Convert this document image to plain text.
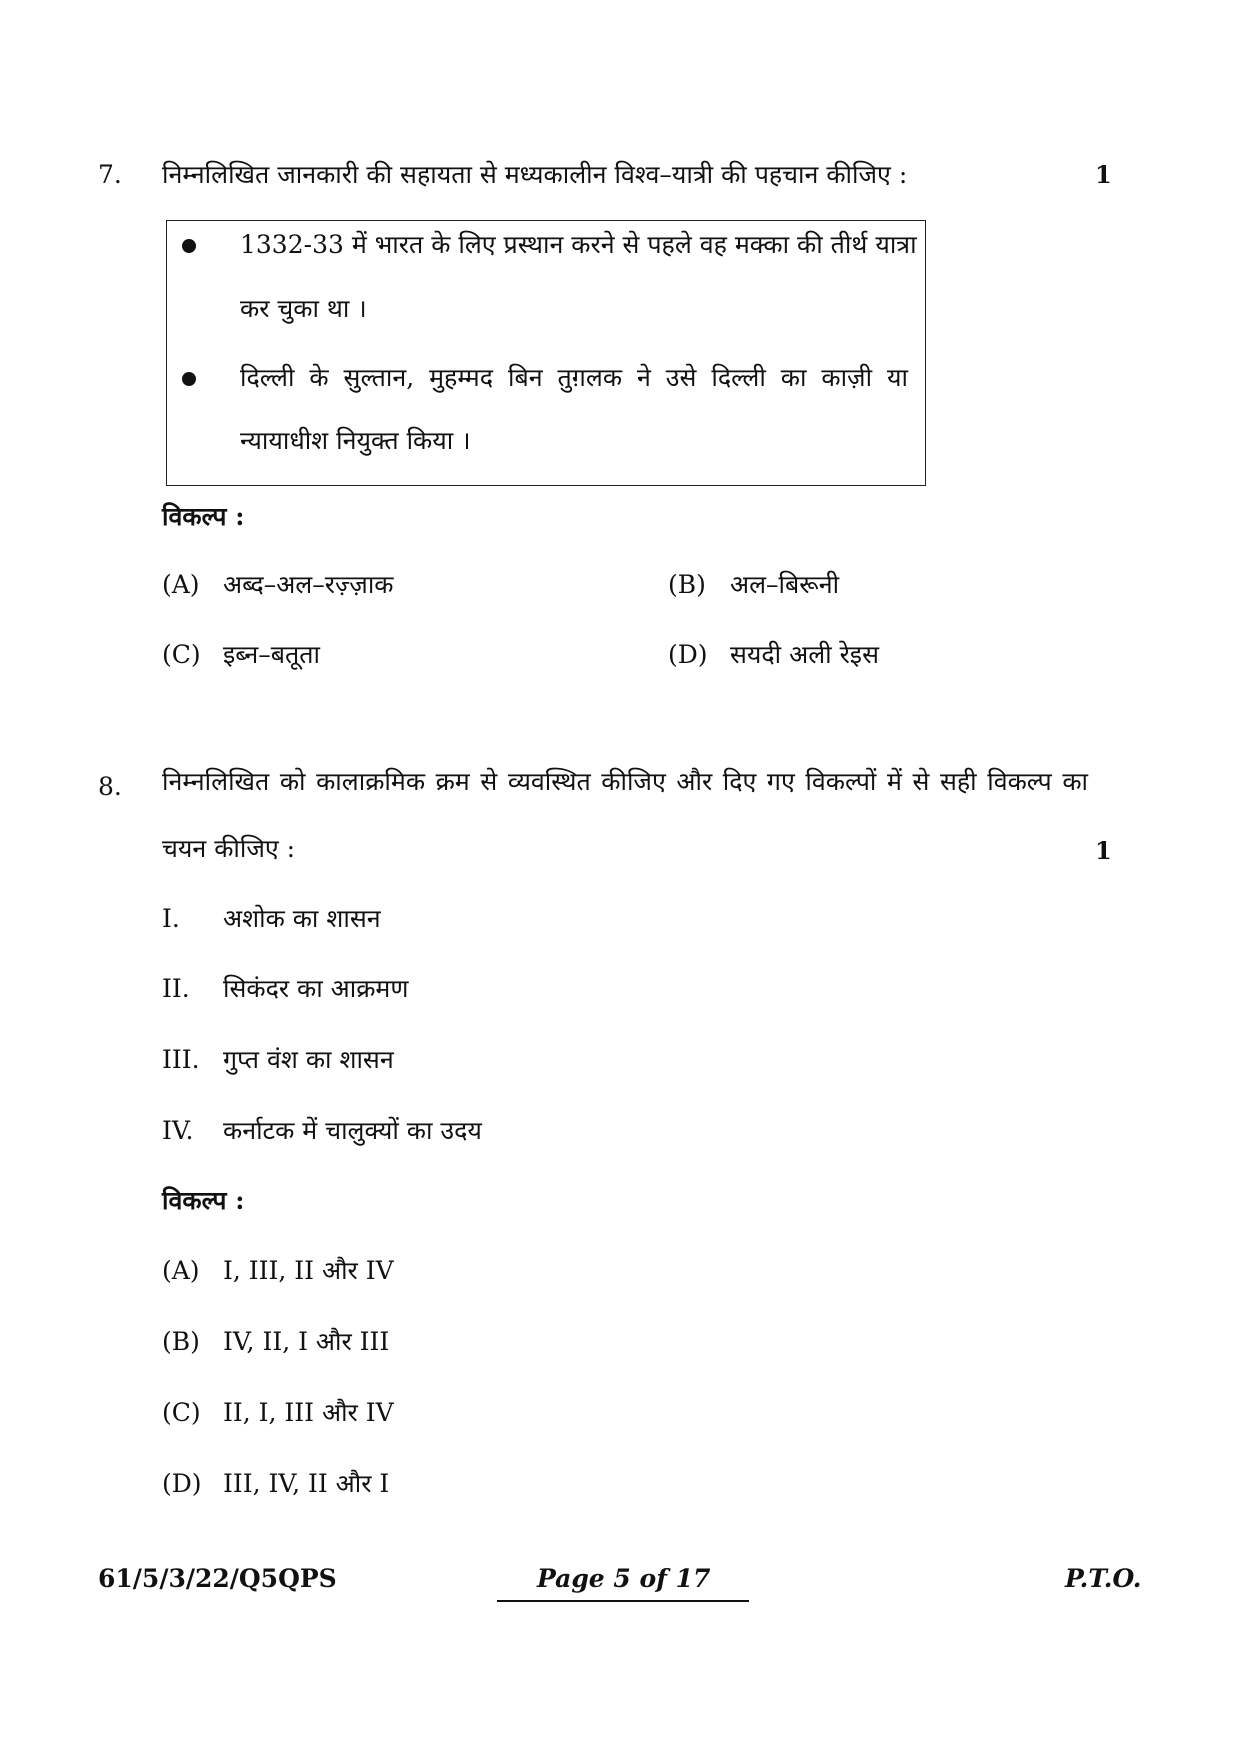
7. निम्नलिखित जानकारी की सहायता से मध्यकालीन विश्व–यात्री की पहचान कीजिए :	1
1332-33 में भारत के लिए प्रस्थान करने से पहले वह मक्का की तीर्थ यात्रा
कर चुका था ।
दिल्ली के सुल्तान, मुहम्मद बिन तुग़लक ने उसे दिल्ली का काज़ी या
न्यायाधीश नियुक्त किया ।
विकल्प :
(A) अब्द–अल–रज़्ज़ाक	(B) अल–बिरूनी
(C) इब्न–बतूता	(D) सयदी अली रेइस
8. निम्नलिखित को कालाक्रमिक क्रम से व्यवस्थित कीजिए और दिए गए विकल्पों में से सही विकल्प का
चयन कीजिए :	1
I. अशोक का शासन
II. सिकंदर का आक्रमण
III. गुप्त वंश का शासन
IV. कर्नाटक में चालुक्यों का उदय
विकल्प :
(A) I, III, II और IV
(B) IV, II, I और III
(C) II, I, III और IV
(D) III, IV, II और I
61/5/3/22/Q5QPS	Page 5 of 17	P.T.O.
